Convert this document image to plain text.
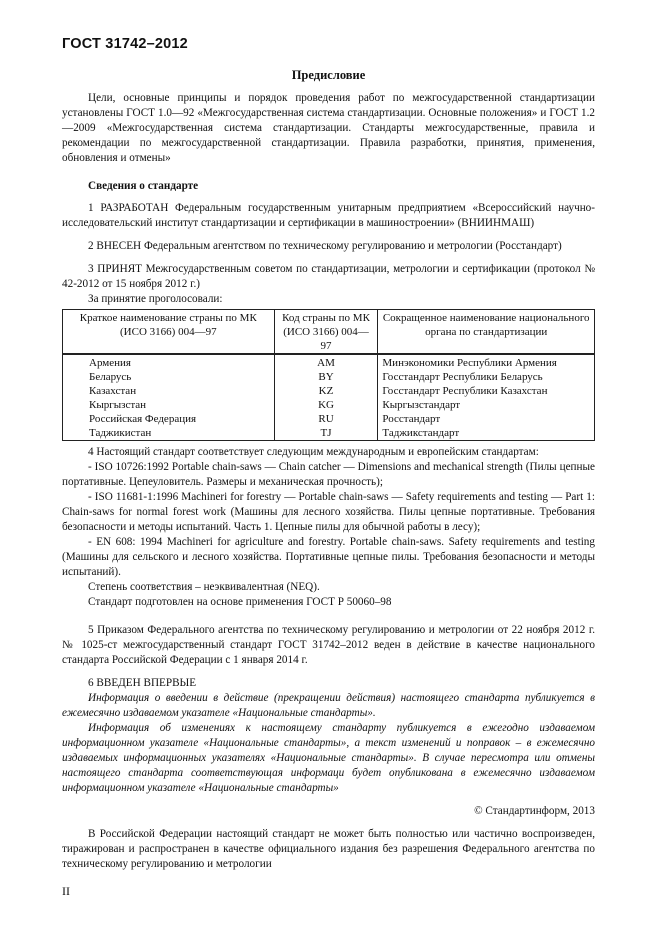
ГОСТ 31742–2012
Предисловие

Цели, основные принципы и порядок проведения работ по межгосударственной стандартизации установлены ГОСТ 1.0—92 «Межгосударственная система стандартизации. Основные положения» и ГОСТ 1.2—2009 «Межгосударственная система стандартизации. Стандарты межгосударственные, правила и рекомендации по межгосударственной стандартизации. Правила разработки, принятия, применения, обновления и отмены»

Сведения о стандарте

1 РАЗРАБОТАН Федеральным государственным унитарным предприятием «Всероссийский научно-исследовательский институт стандартизации и сертификации в машиностроении» (ВНИИНМАШ)

2 ВНЕСЕН Федеральным агентством по техническому регулированию и метрологии (Росстандарт)

3 ПРИНЯТ Межгосударственным советом по стандартизации, метрологии и сертификации (протокол № 42-2012 от 15 ноября 2012 г.)

За принятие проголосовали:

Краткое наименование страны по МК (ИСО 3166) 004—97	Код страны по МК (ИСО 3166) 004—97	Сокращенное наименование национального органа по стандартизации
Армения	AM	Минэкономики Республики Армения
Беларусь	BY	Госстандарт Республики Беларусь
Казахстан	KZ	Госстандарт Республики Казахстан
Кыргызстан	KG	Кыргызстандарт
Российская Федерация	RU	Росстандарт
Таджикистан	TJ	Таджикстандарт

4 Настоящий стандарт соответствует следующим международным и европейским стандартам:

- ISO 10726:1992 Portable chain-saws — Chain catcher — Dimensions and mechanical strength (Пилы цепные портативные. Цепеуловитель. Размеры и механическая прочность);

- ISO 11681-1:1996 Machineri for forestry — Portable chain-saws — Safety requirements and testing — Part 1: Chain-saws for normal forest work (Машины для лесного хозяйства. Пилы цепные портативные. Требования безопасности и методы испытаний. Часть 1. Цепные пилы для обычной работы в лесу);

- EN 608: 1994 Machineri for agriculture and forestry. Portable chain-saws. Safety requirements and testing (Машины для сельского и лесного хозяйства. Портативные цепные пилы. Требования безопасности и методы испытаний).

Степень соответствия – неэквивалентная (NEQ).

Стандарт подготовлен на основе применения ГОСТ Р 50060–98

5 Приказом Федерального агентства по техническому регулированию и метрологии от 22 ноября 2012 г. № 1025-ст межгосударственный стандарт ГОСТ 31742–2012 веден в действие в качестве национального стандарта Российской Федерации с 1 января 2014 г.

6 ВВЕДЕН ВПЕРВЫЕ

Информация о введении в действие (прекращении действия) настоящего стандарта публикуется в ежемесячно издаваемом указателе «Национальные стандарты».

Информация об изменениях к настоящему стандарту публикуется в ежегодно издаваемом информационном указателе «Национальные стандарты», а текст изменений и поправок – в ежемесячно издаваемых информационных указателях «Национальные стандарты». В случае пересмотра или отмены настоящего стандарта соответствующая информаци будет опубликована в ежемесячно издаваемом информационном указателе «Национальные стандарты»

© Стандартинформ, 2013

В Российской Федерации настоящий стандарт не может быть полностью или частично воспроизведен, тиражирован и распространен в качестве официального издания без разрешения Федерального агентства по техническому регулированию и метрологии

II
